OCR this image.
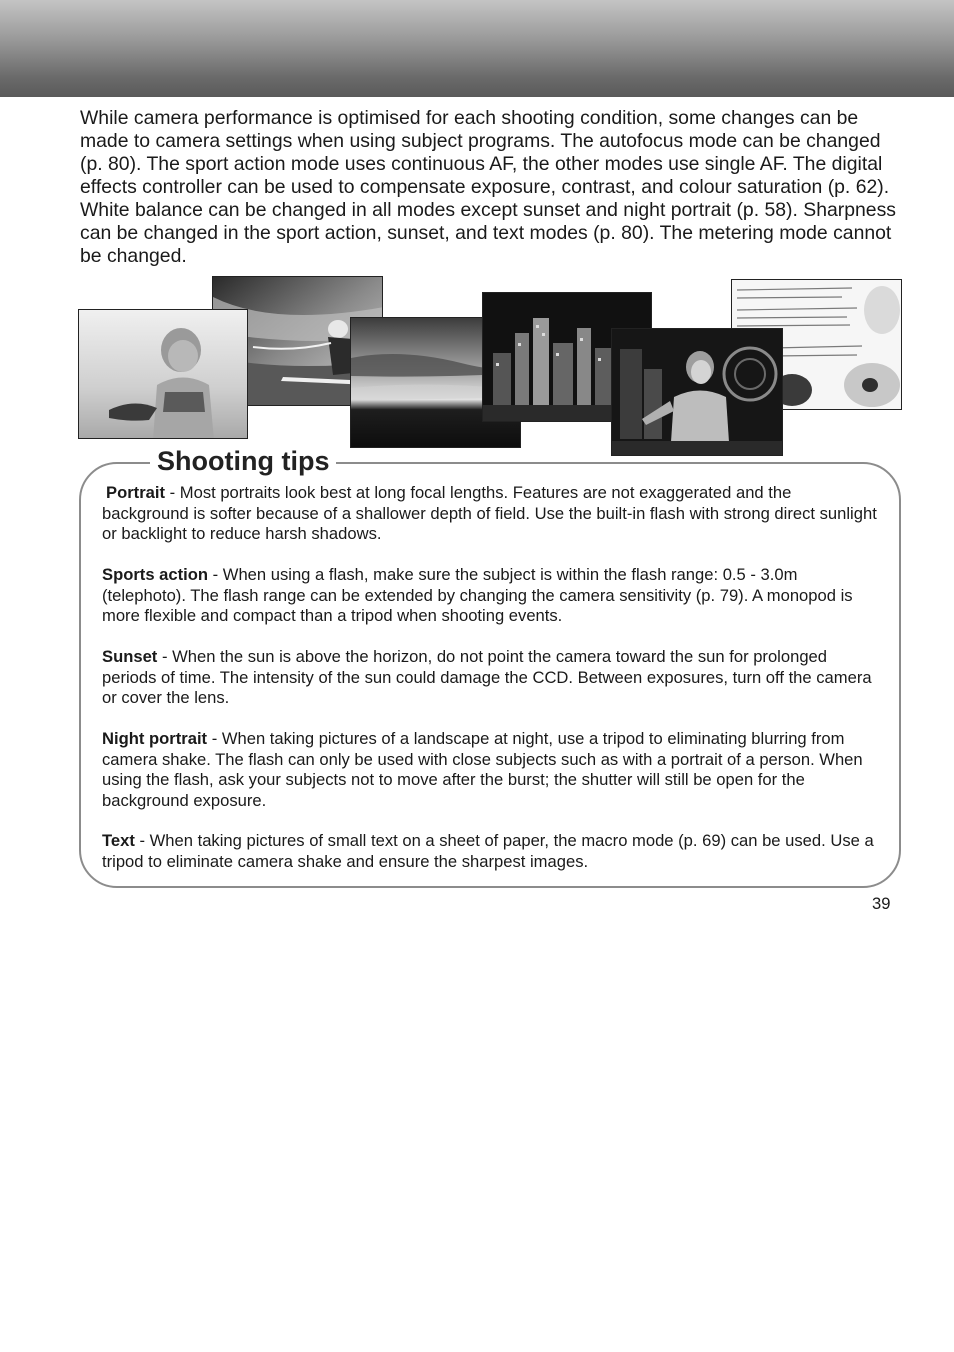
While camera performance is optimised for each shooting condition, some changes can be made to camera settings when using subject programs. The autofocus mode can be changed (p. 80). The sport action mode uses continuous AF, the other modes use single AF. The digital effects controller can be used to compensate exposure, contrast, and colour saturation (p. 62). White balance can be changed in all modes except sunset and night portrait (p. 58). Sharpness can be changed in the sport action, sunset, and text modes (p. 80). The metering mode cannot be changed.

Shooting tips

Portrait - Most portraits look best at long focal lengths. Features are not exaggerated and the background is softer because of a shallower depth of field. Use the built-in flash with strong direct sunlight or backlight to reduce harsh shadows.

Sports action - When using a flash, make sure the subject is within the flash range: 0.5 - 3.0m (telephoto). The flash range can be extended by changing the camera sensitivity (p. 79). A monopod is more flexible and compact than a tripod when shooting events.

Sunset - When the sun is above the horizon, do not point the camera toward the sun for prolonged periods of time. The intensity of the sun could damage the CCD. Between exposures, turn off the camera or cover the lens.

Night portrait - When taking pictures of a landscape at night, use a tripod to eliminating blurring from camera shake. The flash can only be used with close subjects such as with a portrait of a person. When using the flash, ask your subjects not to move after the burst; the shutter will still be open for the background exposure.

Text - When taking pictures of small text on a sheet of paper, the macro mode (p. 69) can be used. Use a tripod to eliminate camera shake and ensure the sharpest images.

39
